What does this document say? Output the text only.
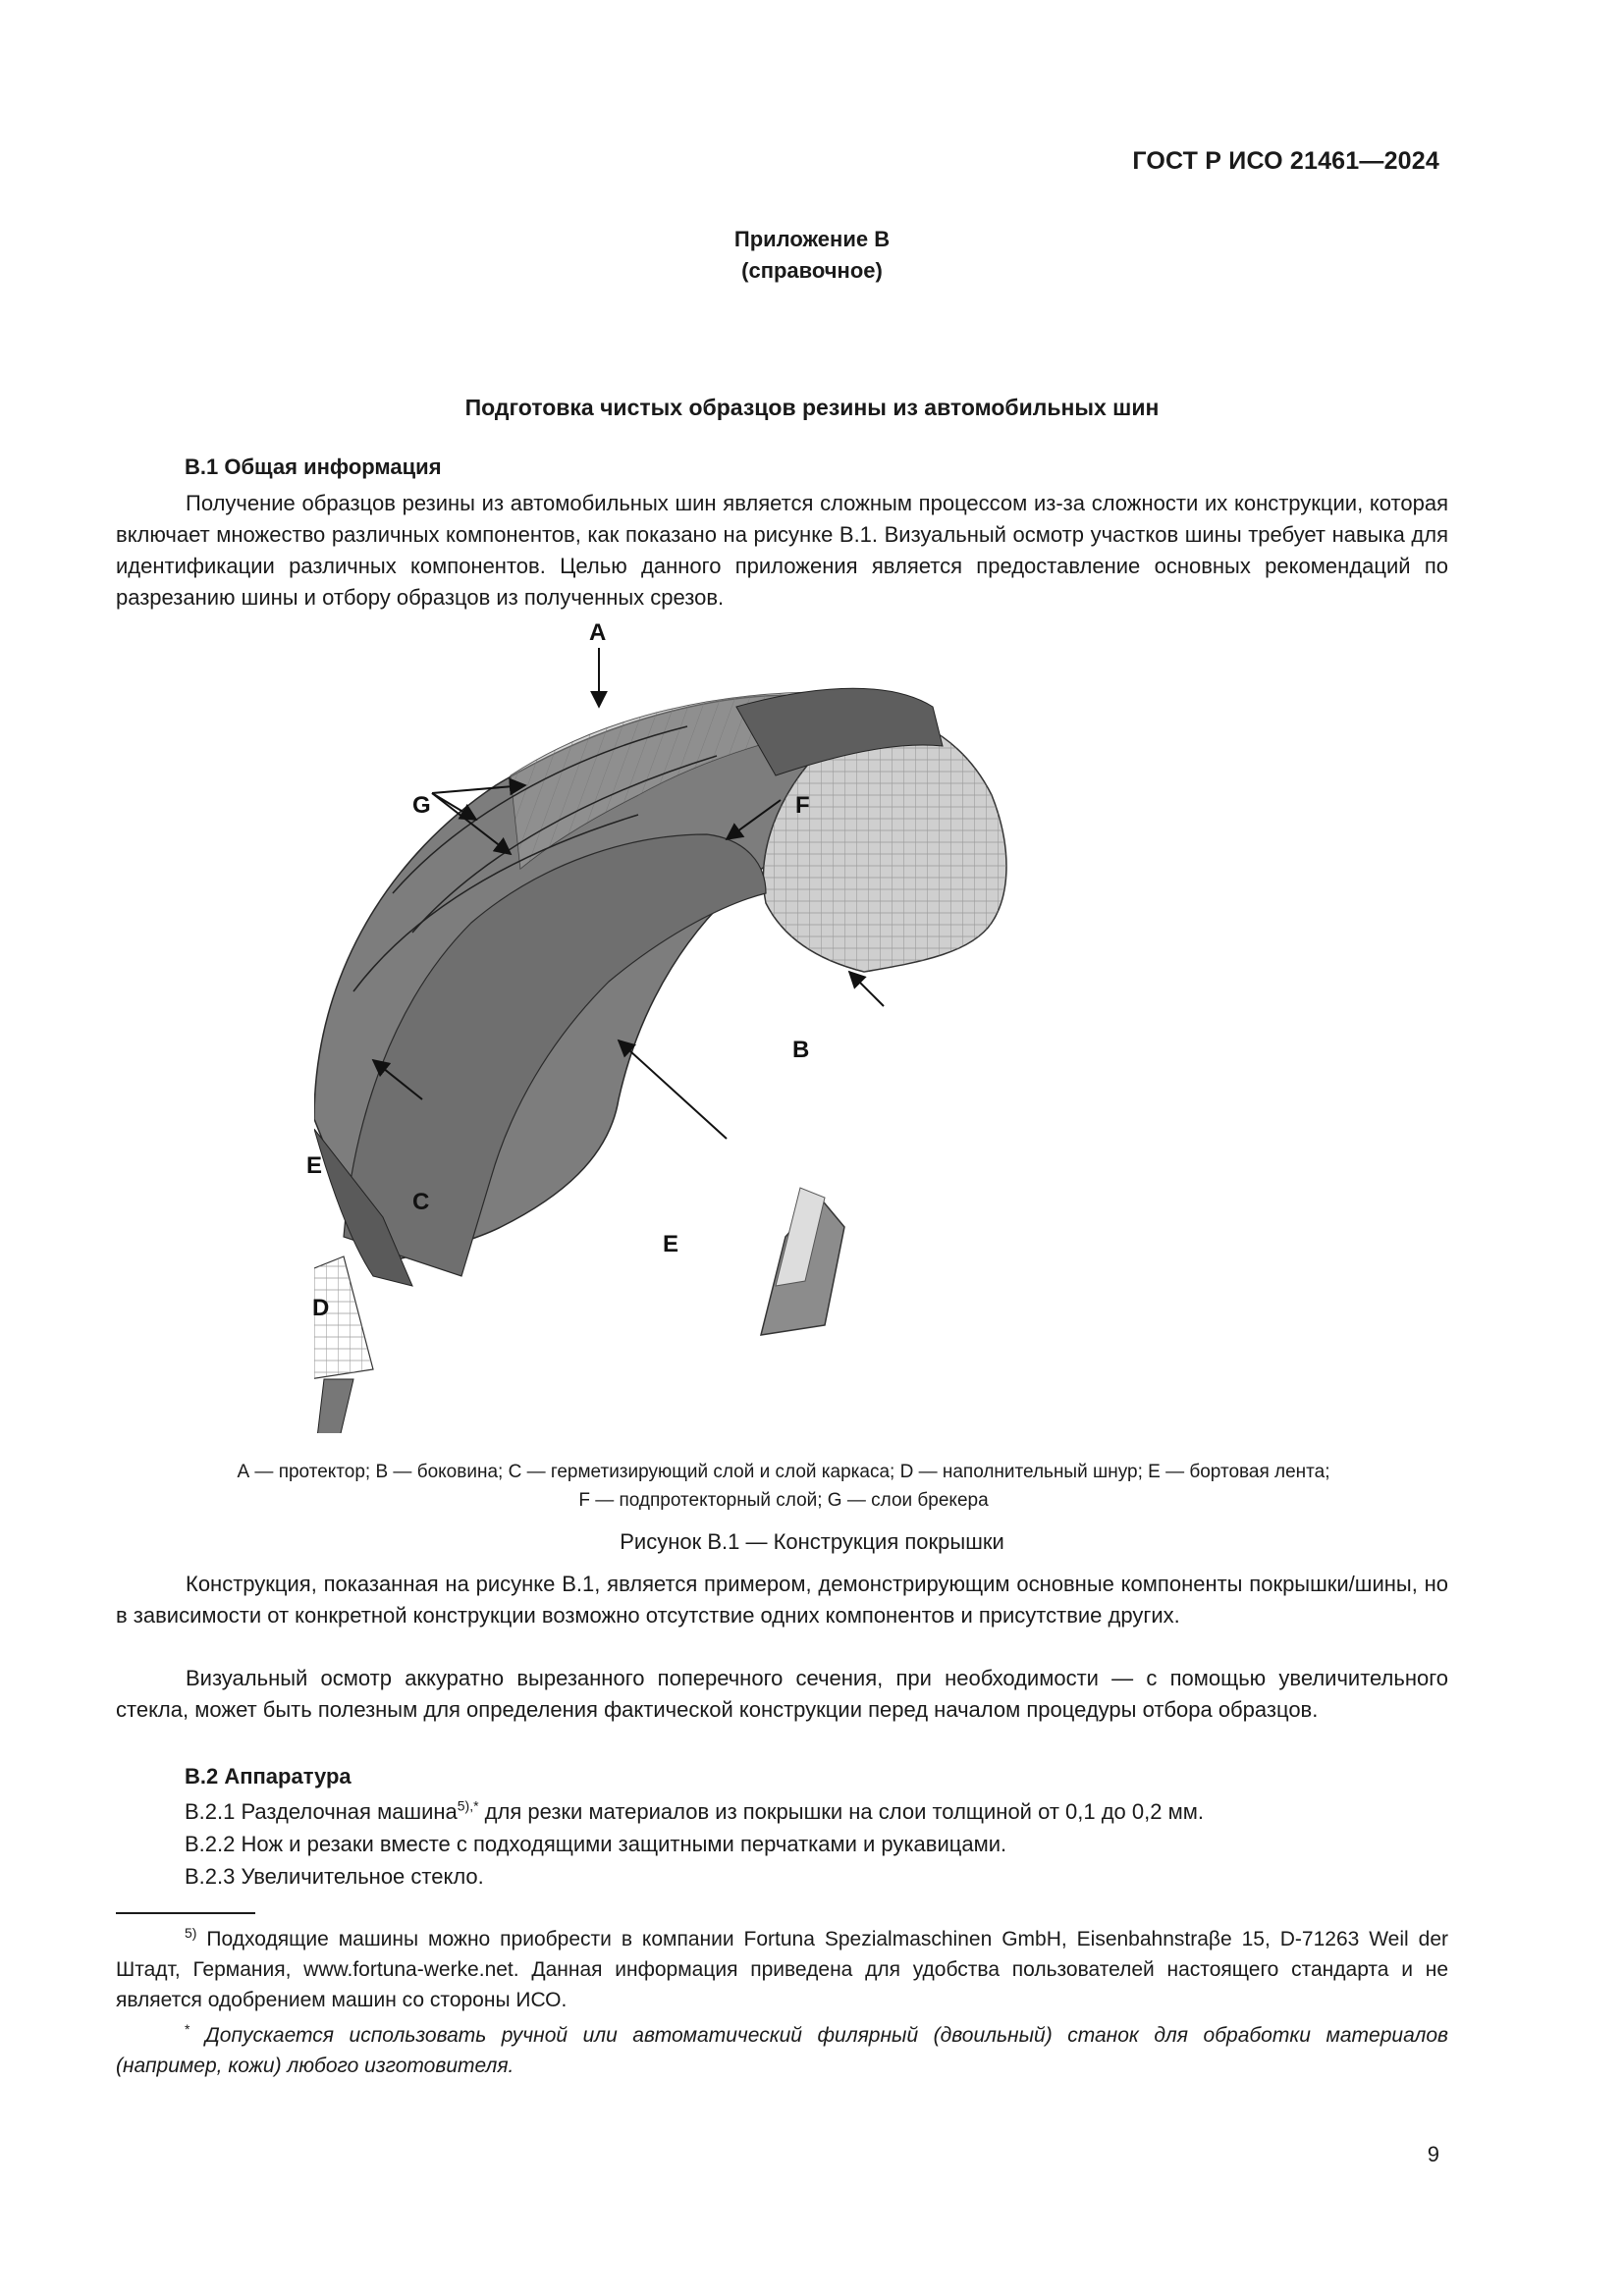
ГОСТ Р ИСО 21461—2024
Приложение В
(справочное)
Подготовка чистых образцов резины из автомобильных шин
В.1 Общая информация

Получение образцов резины из автомобильных шин является сложным процессом из-за сложности их конструкции, которая включает множество различных компонентов, как показано на рисунке В.1. Визуальный осмотр участков шины требует навыка для идентификации различных компонентов. Целью данного приложения является предоставление основных рекомендаций по разрезанию шины и отбору образцов из полученных срезов.

A
G	F
B
C
E
E
D
А — протектор; В — боковина; С — герметизирующий слой и слой каркаса; D — наполнительный шнур; Е — бортовая лента;
F — подпротекторный слой; G — слои брекера
Рисунок В.1 — Конструкция покрышки

Конструкция, показанная на рисунке В.1, является примером, демонстрирующим основные компоненты покрышки/шины, но в зависимости от конкретной конструкции возможно отсутствие одних компонентов и присутствие других.

Визуальный осмотр аккуратно вырезанного поперечного сечения, при необходимости — с помощью увеличительного стекла, может быть полезным для определения фактической конструкции перед началом процедуры отбора образцов.

В.2 Аппаратура
В.2.1 Разделочная машина$^{5),*}$ для резки материалов из покрышки на слои толщиной от 0,1 до 0,2 мм.
В.2.2 Нож и резаки вместе с подходящими защитными перчатками и рукавицами.
В.2.3 Увеличительное стекло.

$^{5)}$ Подходящие машины можно приобрести в компании Fortuna Spezialmaschinen GmbH, Eisenbahnstraβe 15, D-71263 Weil der Штадт, Германия, www.fortuna-werke.net. Данная информация приведена для удобства пользователей настоящего стандарта и не является одобрением машин со стороны ИСО.

* Допускается использовать ручной или автоматический филярный (двоильный) станок для обработки материалов (например, кожи) любого изготовителя.

9
